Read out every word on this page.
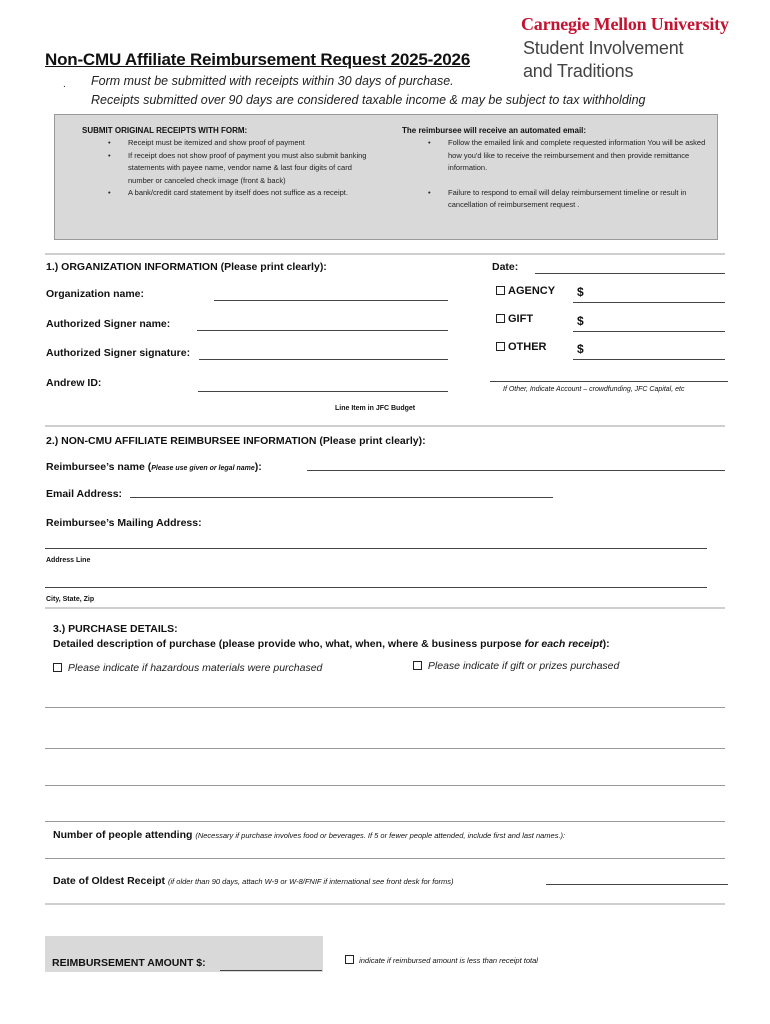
Non-CMU Affiliate Reimbursement Request 2025-2026
. Form must be submitted with receipts within 30 days of purchase.
Receipts submitted over 90 days are considered taxable income & may be subject to tax withholding
Carnegie Mellon University
Student Involvement
and Traditions
SUBMIT ORIGINAL RECEIPTS WITH FORM:
• Receipt must be itemized and show proof of payment
• If receipt does not show proof of payment you must also submit banking statements with payee name, vendor name & last four digits of card number or canceled check image (front & back)
• A bank/credit card statement by itself does not suffice as a receipt.
The reimbursee will receive an automated email:
• Follow the emailed link and complete requested information You will be asked how you'd like to receive the reimbursement and then provide remittance information.
• Failure to respond to email will delay reimbursement timeline or result in cancellation of reimbursement request .
1.) ORGANIZATION INFORMATION (Please print clearly):	Date:
Organization name:
Authorized Signer name:
Authorized Signer signature:
Andrew ID:
Line Item in JFC Budget
AGENCY $
GIFT	$
OTHER	$
If Other, Indicate Account – crowdfunding, JFC Capital, etc
2.) NON-CMU AFFILIATE REIMBURSEE INFORMATION (Please print clearly):
Reimbursee’s name (Please use given or legal name):
Email Address:
Reimbursee’s Mailing Address:
Address Line
City, State, Zip
3.) PURCHASE DETAILS:
Detailed description of purchase (please provide who, what, when, where & business purpose for each receipt):
Please indicate if hazardous materials were purchased	Please indicate if gift or prizes purchased
Number of people attending (Necessary if purchase involves food or beverages. If 5 or fewer people attended, include first and last names.):
Date of Oldest Receipt (if older than 90 days, attach W-9 or W-8/FNIF if international see front desk for forms)
REIMBURSEMENT AMOUNT $:	indicate if reimbursed amount is less than receipt total
